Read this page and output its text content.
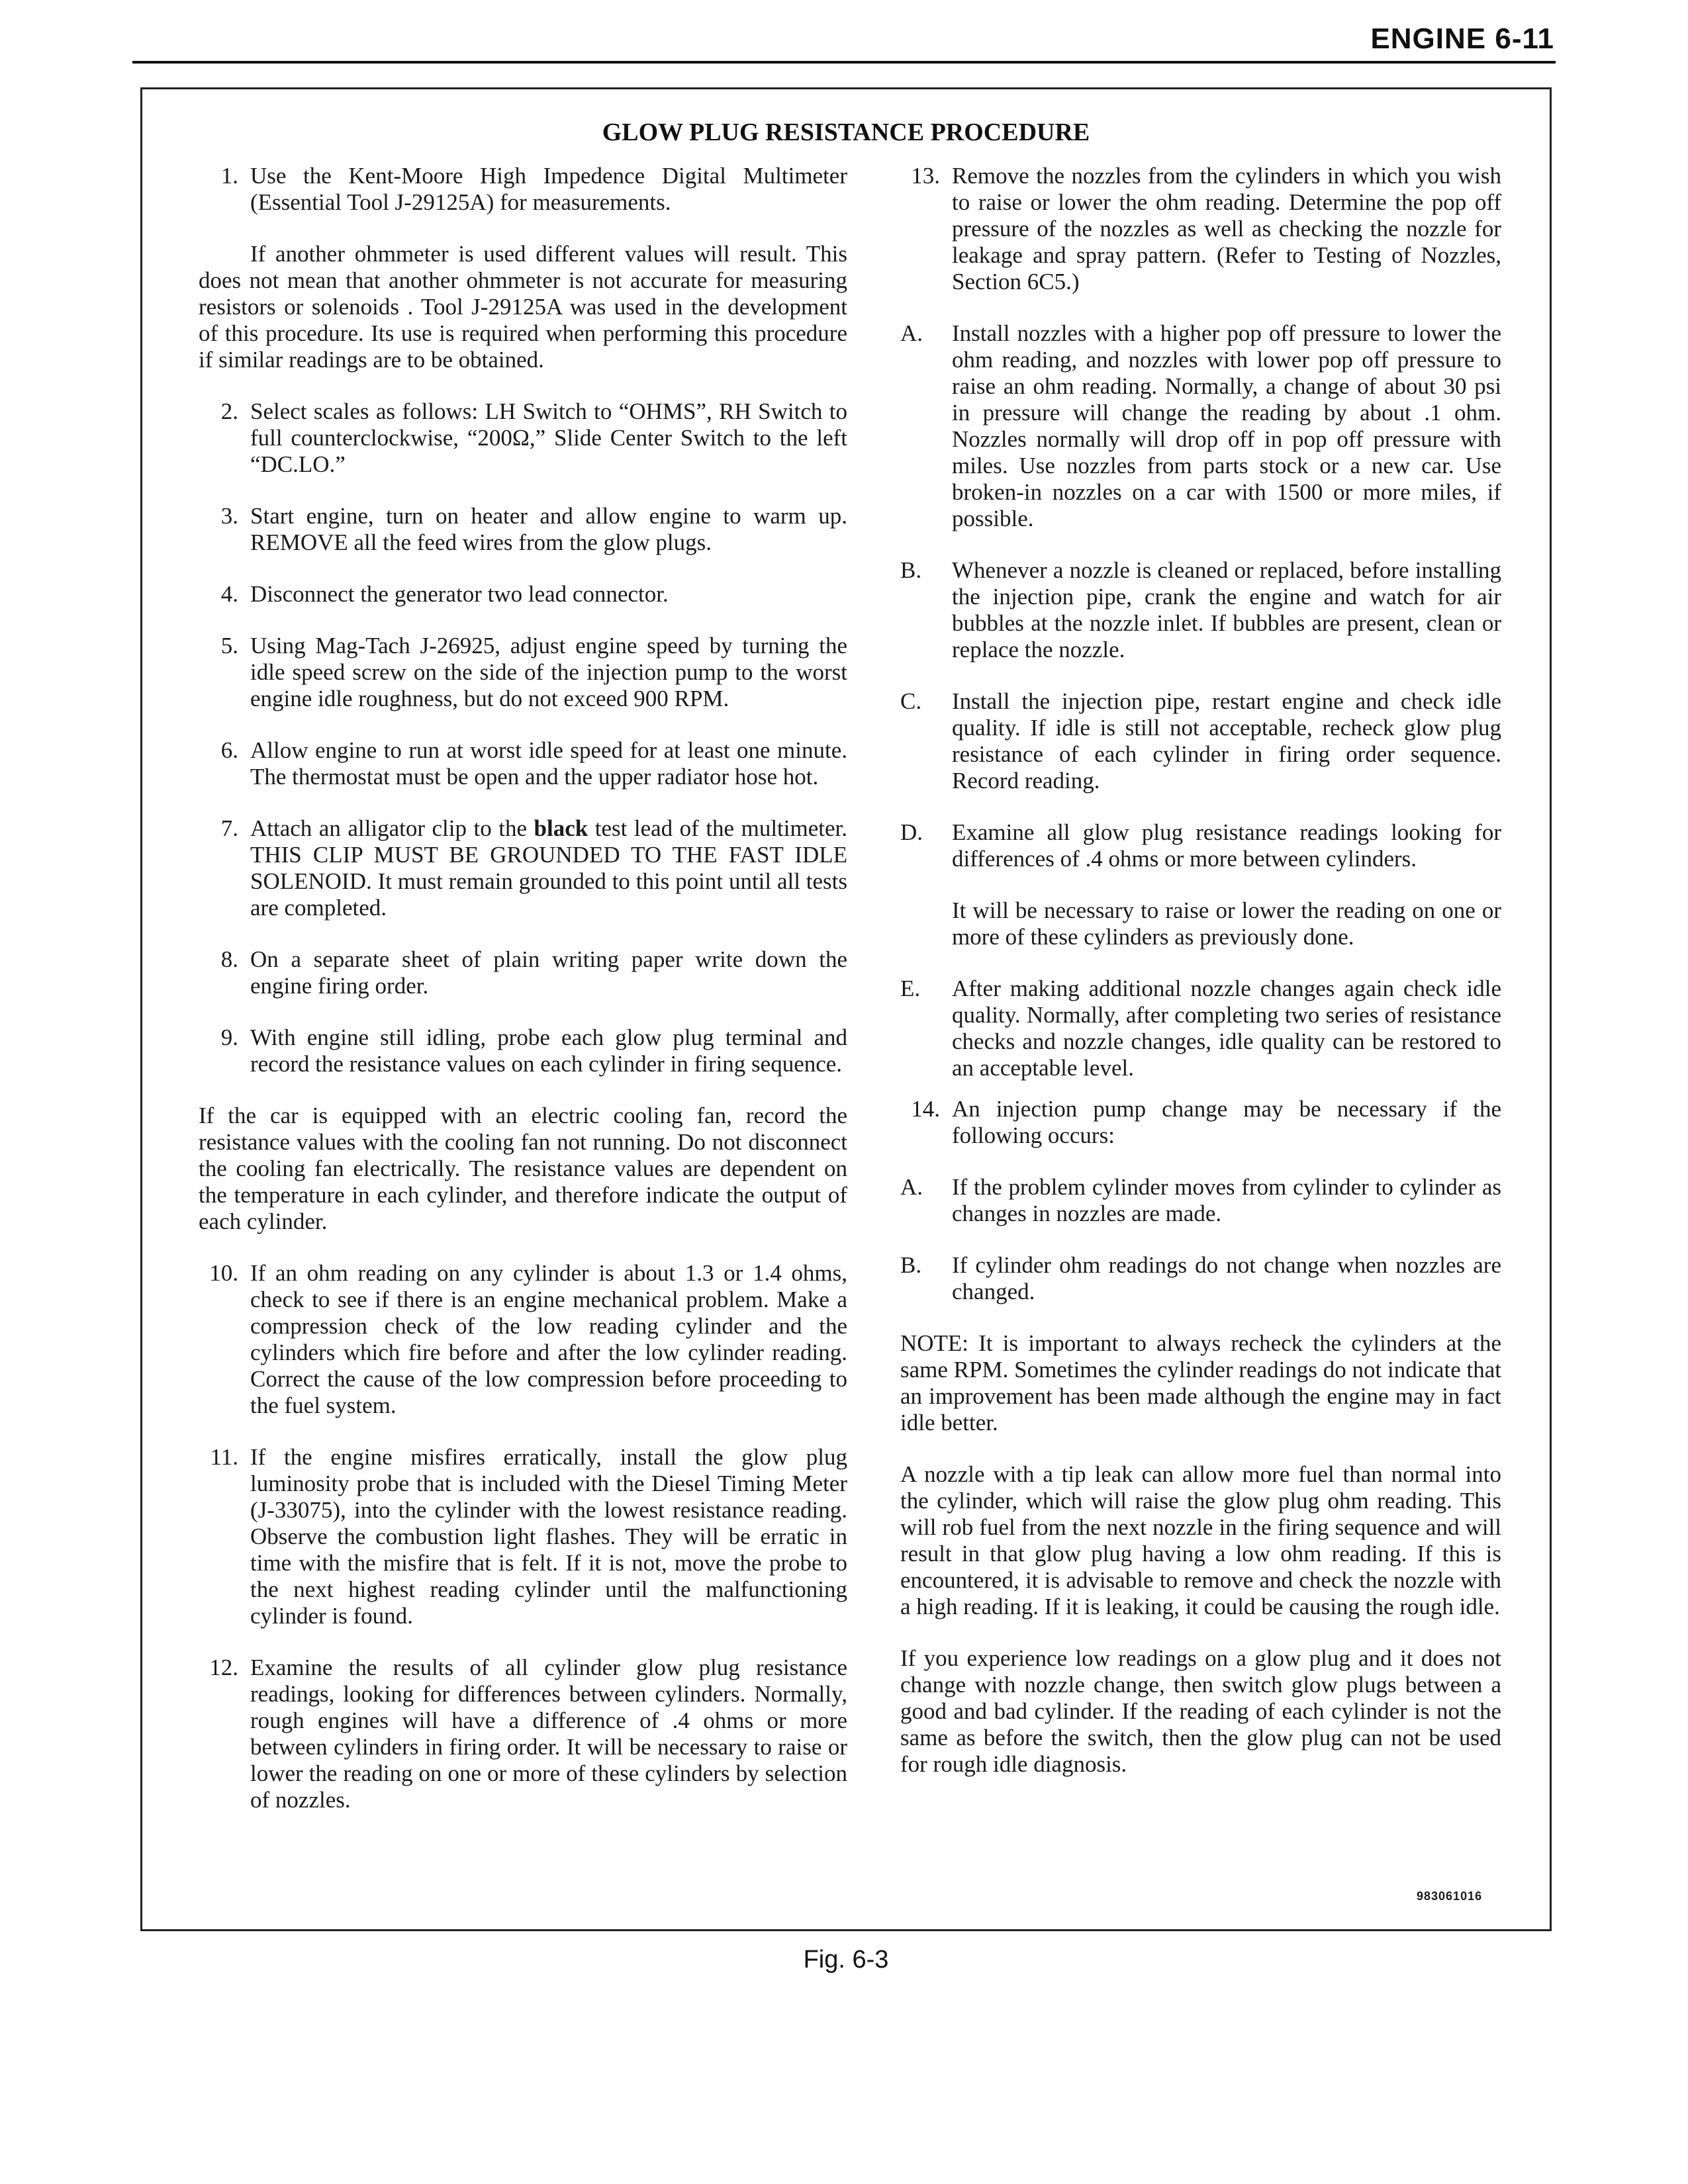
ENGINE 6-11
GLOW PLUG RESISTANCE PROCEDURE
1. Use the Kent-Moore High Impedence Digital Multimeter (Essential Tool J-29125A) for measurements.

If another ohmmeter is used different values will result. This does not mean that another ohmmeter is not accurate for measuring resistors or solenoids . Tool J-29125A was used in the development of this procedure. Its use is required when performing this procedure if similar readings are to be obtained.

2. Select scales as follows: LH Switch to “OHMS”, RH Switch to full counterclockwise, “200Ω,” Slide Center Switch to the left “DC.LO.”
3. Start engine, turn on heater and allow engine to warm up. REMOVE all the feed wires from the glow plugs.
4. Disconnect the generator two lead connector.
5. Using Mag-Tach J-26925, adjust engine speed by turning the idle speed screw on the side of the injection pump to the worst engine idle roughness, but do not exceed 900 RPM.
6. Allow engine to run at worst idle speed for at least one minute. The thermostat must be open and the upper radiator hose hot.
7. Attach an alligator clip to the black test lead of the multimeter. THIS CLIP MUST BE GROUNDED TO THE FAST IDLE SOLENOID. It must remain grounded to this point until all tests are completed.
8. On a separate sheet of plain writing paper write down the engine firing order.
9. With engine still idling, probe each glow plug terminal and record the resistance values on each cylinder in firing sequence.

If the car is equipped with an electric cooling fan, record the resistance values with the cooling fan not running. Do not disconnect the cooling fan electrically. The resistance values are dependent on the temperature in each cylinder, and therefore indicate the output of each cylinder.

10. If an ohm reading on any cylinder is about 1.3 or 1.4 ohms, check to see if there is an engine mechanical problem. Make a compression check of the low reading cylinder and the cylinders which fire before and after the low cylinder reading. Correct the cause of the low compression before proceeding to the fuel system.
11. If the engine misfires erratically, install the glow plug luminosity probe that is included with the Diesel Timing Meter (J-33075), into the cylinder with the lowest resistance reading. Observe the combustion light flashes. They will be erratic in time with the misfire that is felt. If it is not, move the probe to the next highest reading cylinder until the malfunctioning cylinder is found.
12. Examine the results of all cylinder glow plug resistance readings, looking for differences between cylinders. Normally, rough engines will have a difference of .4 ohms or more between cylinders in firing order. It will be necessary to raise or lower the reading on one or more of these cylinders by selection of nozzles.
13. Remove the nozzles from the cylinders in which you wish to raise or lower the ohm reading. Determine the pop off pressure of the nozzles as well as checking the nozzle for leakage and spray pattern. (Refer to Testing of Nozzles, Section 6C5.)
A. Install nozzles with a higher pop off pressure to lower the ohm reading, and nozzles with lower pop off pressure to raise an ohm reading. Normally, a change of about 30 psi in pressure will change the reading by about .1 ohm. Nozzles normally will drop off in pop off pressure with miles. Use nozzles from parts stock or a new car. Use broken-in nozzles on a car with 1500 or more miles, if possible.
B. Whenever a nozzle is cleaned or replaced, before installing the injection pipe, crank the engine and watch for air bubbles at the nozzle inlet. If bubbles are present, clean or replace the nozzle.
C. Install the injection pipe, restart engine and check idle quality. If idle is still not acceptable, recheck glow plug resistance of each cylinder in firing order sequence. Record reading.
D. Examine all glow plug resistance readings looking for differences of .4 ohms or more between cylinders.
It will be necessary to raise or lower the reading on one or more of these cylinders as previously done.
E. After making additional nozzle changes again check idle quality. Normally, after completing two series of resistance checks and nozzle changes, idle quality can be restored to an acceptable level.
14. An injection pump change may be necessary if the following occurs:
A. If the problem cylinder moves from cylinder to cylinder as changes in nozzles are made.
B. If cylinder ohm readings do not change when nozzles are changed.

NOTE: It is important to always recheck the cylinders at the same RPM. Sometimes the cylinder readings do not indicate that an improvement has been made although the engine may in fact idle better.

A nozzle with a tip leak can allow more fuel than normal into the cylinder, which will raise the glow plug ohm reading. This will rob fuel from the next nozzle in the firing sequence and will result in that glow plug having a low ohm reading. If this is encountered, it is advisable to remove and check the nozzle with a high reading. If it is leaking, it could be causing the rough idle.

If you experience low readings on a glow plug and it does not change with nozzle change, then switch glow plugs between a good and bad cylinder. If the reading of each cylinder is not the same as before the switch, then the glow plug can not be used for rough idle diagnosis.

983061016
Fig. 6-3
